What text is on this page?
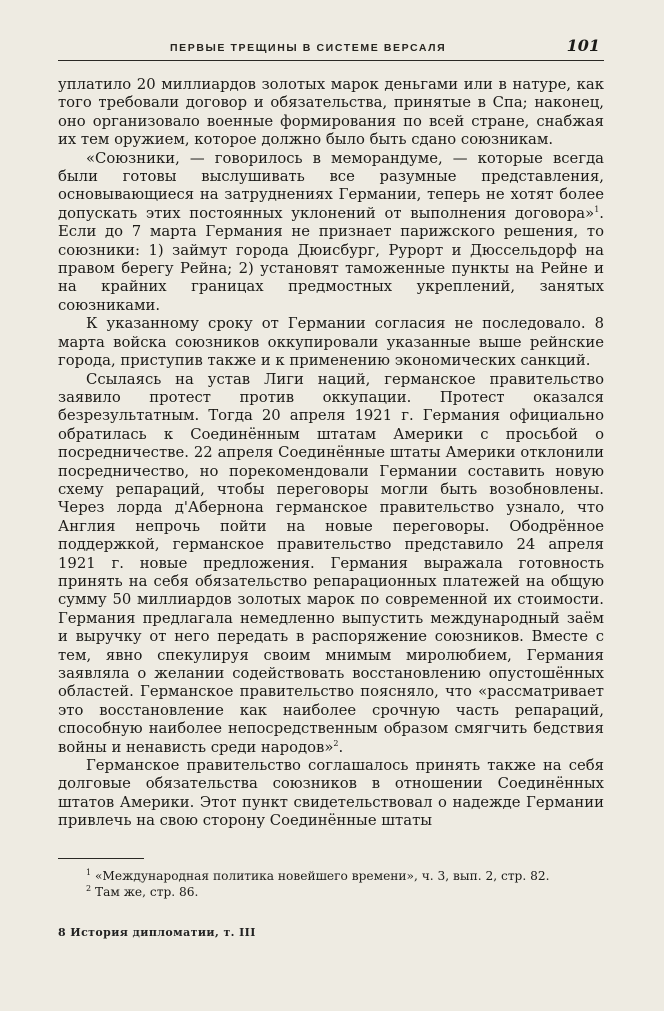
ПЕРВЫЕ ТРЕЩИНЫ В СИСТЕМЕ ВЕРСАЛЯ	101

уплатило 20 миллиардов золотых марок деньгами или в натуре, как того требовали договор и обязательства, принятые в Спа; наконец, оно организовало военные формирования по всей стране, снабжая их тем оружием, которое должно было быть сдано союзникам.

«Союзники, — говорилось в меморандуме, — которые всегда были готовы выслушивать все разумные представления, основывающиеся на затруднениях Германии, теперь не хотят более допускать этих постоянных уклонений от выполнения договора»$^1$. Если до 7 марта Германия не признает парижского решения, то союзники: 1) займут города Дюисбург, Рурорт и Дюссельдорф на правом берегу Рейна; 2) установят таможенные пункты на Рейне и на крайних границах предмостных укреплений, занятых союзниками.

К указанному сроку от Германии согласия не последовало. 8 марта войска союзников оккупировали указанные выше рейнские города, приступив также и к применению экономических санкций.

Ссылаясь на устав Лиги наций, германское правительство заявило протест против оккупации. Протест оказался безрезультатным. Тогда 20 апреля 1921 г. Германия официально обратилась к Соединённым штатам Америки с просьбой о посредничестве. 22 апреля Соединённые штаты Америки отклонили посредничество, но порекомендовали Германии составить новую схему репараций, чтобы переговоры могли быть возобновлены. Через лорда д'Абернона германское правительство узнало, что Англия непрочь пойти на новые переговоры. Ободрённое поддержкой, германское правительство представило 24 апреля 1921 г. новые предложения. Германия выражала готовность принять на себя обязательство репарационных платежей на общую сумму 50 миллиардов золотых марок по современной их стоимости. Германия предлагала немедленно выпустить международный заём и выручку от него передать в распоряжение союзников. Вместе с тем, явно спекулируя своим мнимым миролюбием, Германия заявляла о желании содействовать восстановлению опустошённых областей. Германское правительство поясняло, что «рассматривает это восстановление как наиболее срочную часть репараций, способную наиболее непосредственным образом смягчить бедствия войны и ненависть среди народов»$^2$.

Германское правительство соглашалось принять также на себя долговые обязательства союзников в отношении Соединённых штатов Америки. Этот пункт свидетельствовал о надежде Германии привлечь на свою сторону Соединённые штаты

$^1$ «Международная политика новейшего времени», ч. 3, вып. 2, стр. 82.

$^2$ Там же, стр. 86.

8 История дипломатии, т. III
